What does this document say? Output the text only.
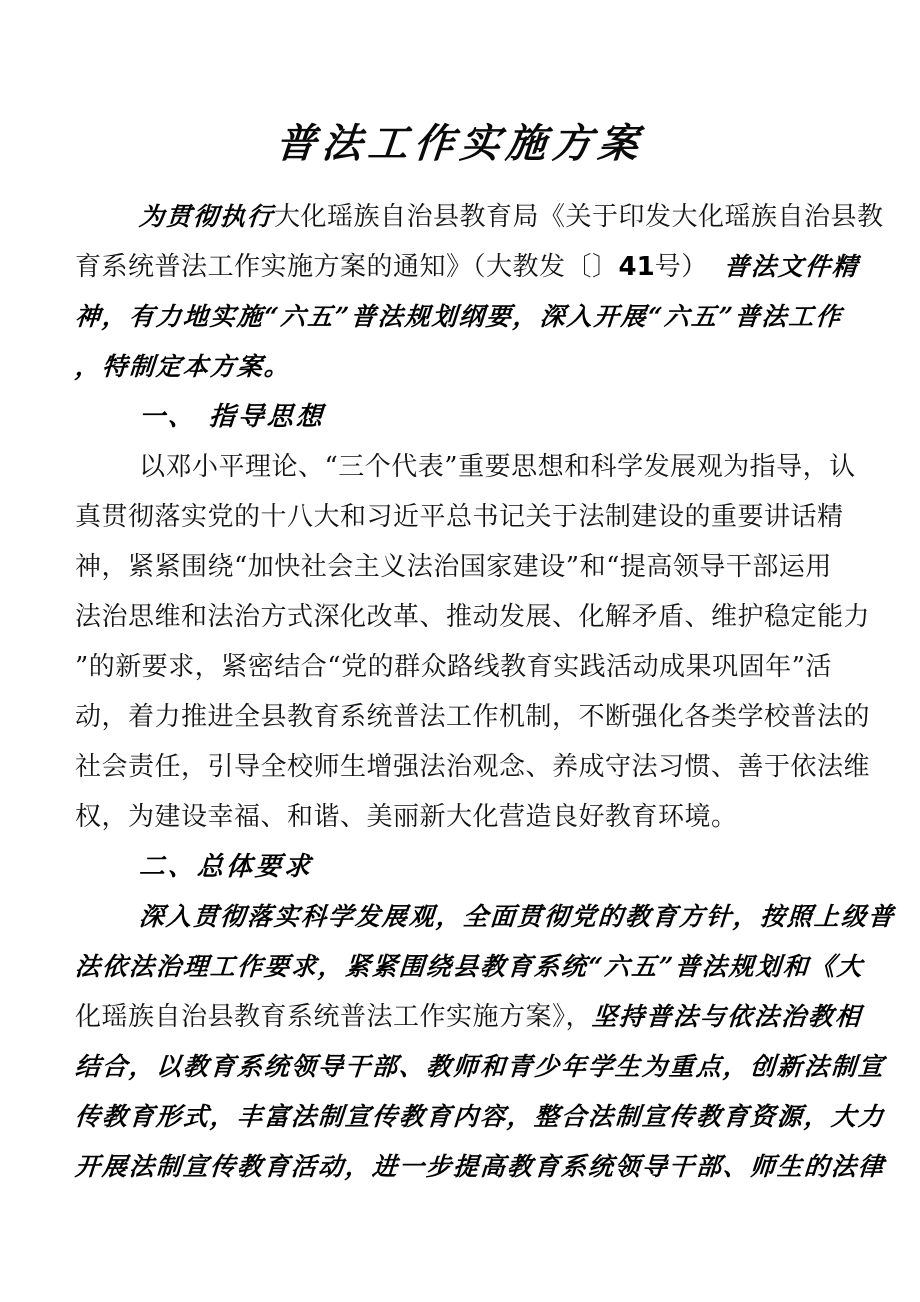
普法工作实施方案
为贯彻执行大化瑶族自治县教育局《关于印发大化瑶族自治县教
育系统普法工作实施方案的通知》（大教发〔〕41号） 普法文件精
神，有力地实施“六五”普法规划纲要，深入开展“六五”普法工作
，特制定本方案。
一、 指导思想
以邓小平理论、“三个代表”重要思想和科学发展观为指导，认
真贯彻落实党的十八大和习近平总书记关于法制建设的重要讲话精
神，紧紧围绕“加快社会主义法治国家建设”和“提高领导干部运用
法治思维和法治方式深化改革、推动发展、化解矛盾、维护稳定能力
”的新要求，紧密结合“党的群众路线教育实践活动成果巩固年”活
动，着力推进全县教育系统普法工作机制，不断强化各类学校普法的
社会责任，引导全校师生增强法治观念、养成守法习惯、善于依法维
权，为建设幸福、和谐、美丽新大化营造良好教育环境。
二、总体要求
深入贯彻落实科学发展观，全面贯彻党的教育方针，按照上级普
法依法治理工作要求，紧紧围绕县教育系统“六五”普法规划和《大
化瑶族自治县教育系统普法工作实施方案》，坚持普法与依法治教相
结合，以教育系统领导干部、教师和青少年学生为重点，创新法制宣
传教育形式，丰富法制宣传教育内容，整合法制宣传教育资源，大力
开展法制宣传教育活动，进一步提高教育系统领导干部、师生的法律
